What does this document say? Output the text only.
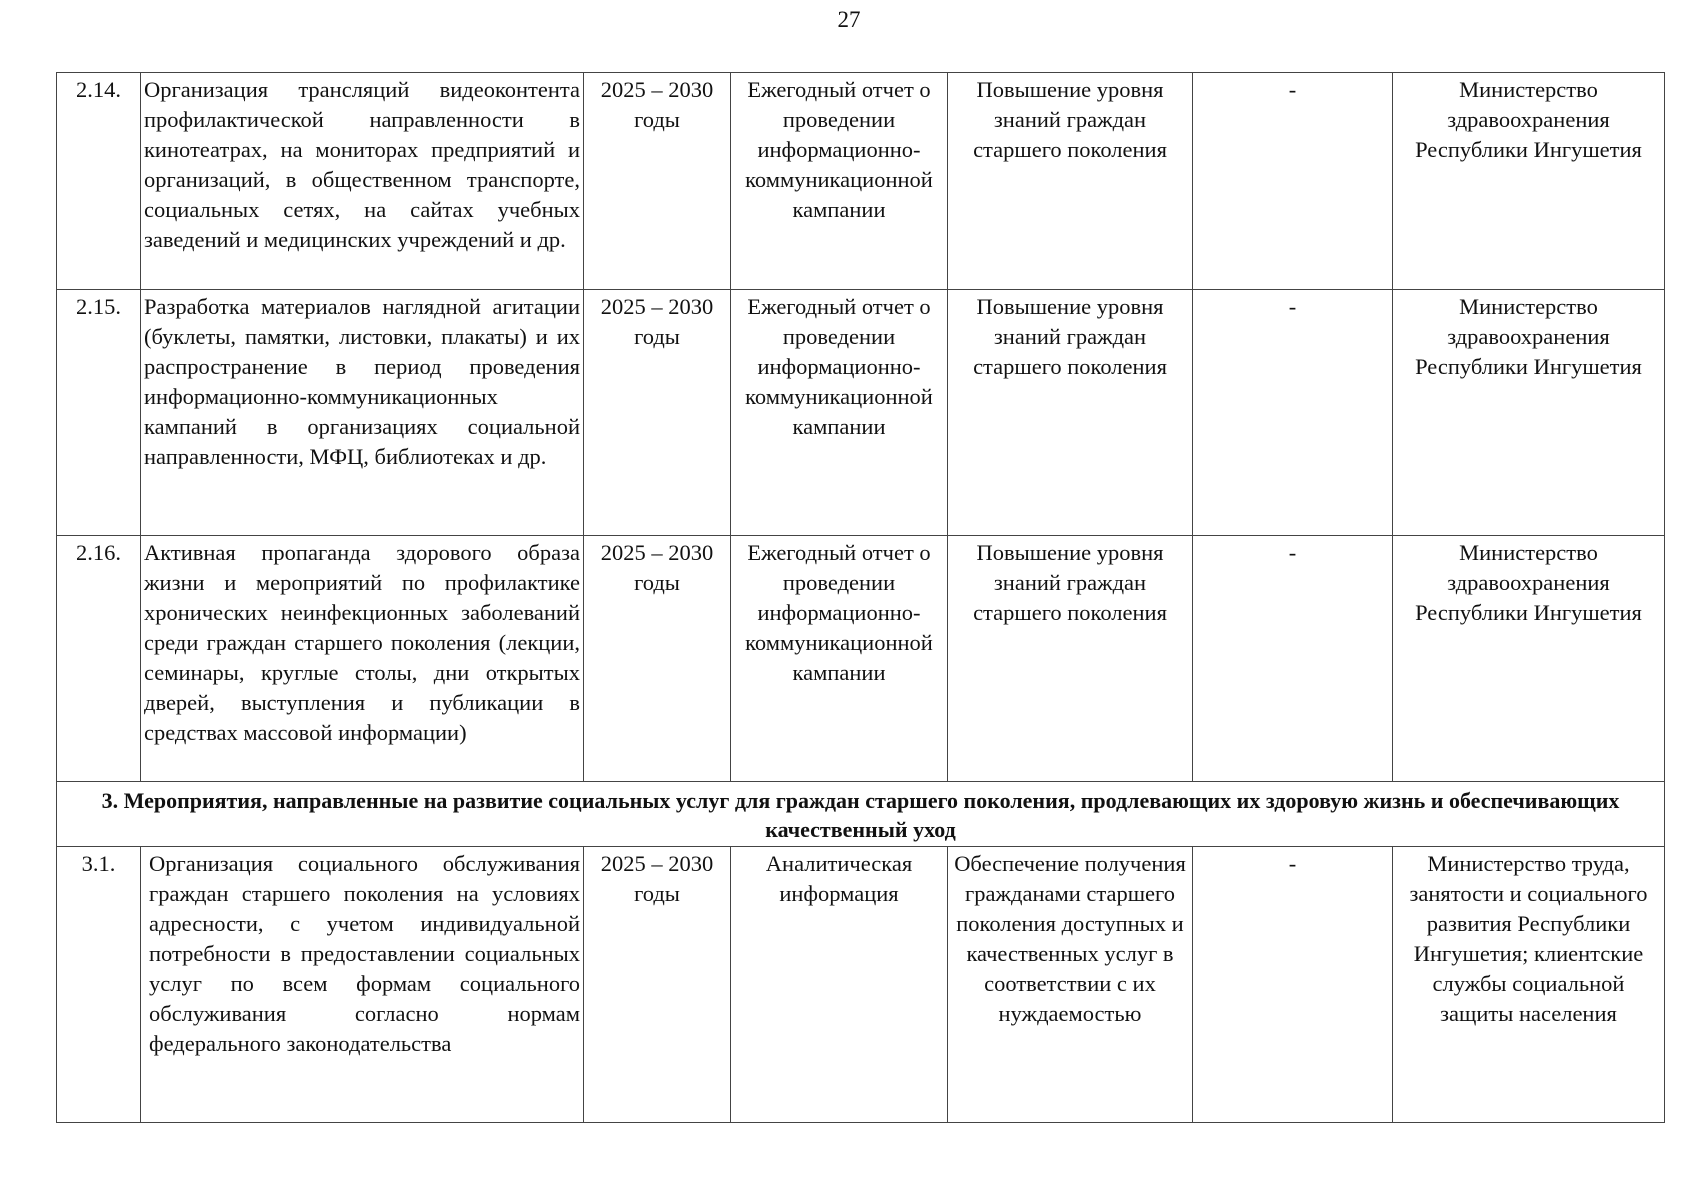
27
2.14.	Организация трансляций видеоконтента профилактической направленности в кинотеатрах, на мониторах предприятий и организаций, в общественном транспорте, социальных сетях, на сайтах учебных заведений и медицинских учреждений и др.	2025 – 2030 годы	Ежегодный отчет о проведении информационно-коммуникационной кампании	Повышение уровня знаний граждан старшего поколения	-	Министерство здравоохранения Республики Ингушетия
2.15.	Разработка материалов наглядной агитации (буклеты, памятки, листовки, плакаты) и их распространение в период проведения информационно-коммуникационных кампаний в организациях социальной направленности, МФЦ, библиотеках и др.	2025 – 2030 годы	Ежегодный отчет о проведении информационно-коммуникационной кампании	Повышение уровня знаний граждан старшего поколения	-	Министерство здравоохранения Республики Ингушетия
2.16.	Активная пропаганда здорового образа жизни и мероприятий по профилактике хронических неинфекционных заболеваний среди граждан старшего поколения (лекции, семинары, круглые столы, дни открытых дверей, выступления и публикации в средствах массовой информации)	2025 – 2030 годы	Ежегодный отчет о проведении информационно-коммуникационной кампании	Повышение уровня знаний граждан старшего поколения	-	Министерство здравоохранения Республики Ингушетия
3. Мероприятия, направленные на развитие социальных услуг для граждан старшего поколения, продлевающих их здоровую жизнь и обеспечивающих качественный уход						
3.1.	Организация социального обслуживания граждан старшего поколения на условиях адресности, с учетом индивидуальной потребности в предоставлении социальных услуг по всем формам социального обслуживания согласно нормам федерального законодательства	2025 – 2030 годы	Аналитическая информация	Обеспечение получения гражданами старшего поколения доступных и качественных услуг в соответствии с их нуждаемостью	-	Министерство труда, занятости и социального развития Республики Ингушетия; клиентские службы социальной защиты населения
